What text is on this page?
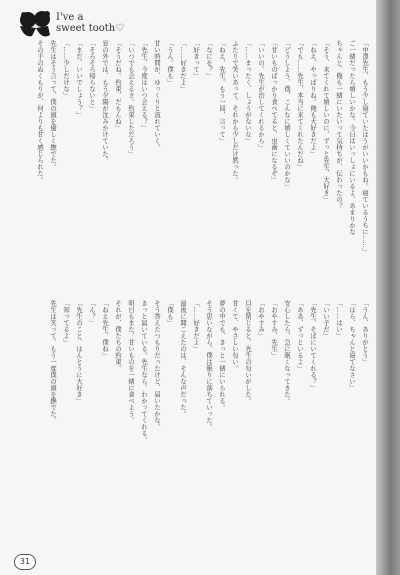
I've a
sweet tooth♡
「中澤先生、もう少し寝ていたほうがいいかもね。寝ているうちに……」
ご一緒だったら嬉しいかな。今日はいっしょにいるよ。あまりかな
ちゃんと、俺も一緒にいたいって気持ちが、伝わったの？
「そう、来てくれて嬉しいのに、ずっと先生、大好き」
「ねえ、やっぱりね。俺も大好きだよ」
「でも……先生、本当に来てくれたんだね」
「どうしよう、僕、こんなに嬉しくていいのかな」
「甘いものばっかり食べてると、虫歯になるぞ」
「いいの。先生が治してくれるから」
「……まったく、しょうがないな」
ふたりで笑いあって、それから少しだけ黙った。
「ねえ、先生。もう一回、言って」
「なにを？」
「好きって」
「……好きだよ」
「うん。僕も」
甘い時間が、ゆっくりと流れていく。
「先生、今度はいつ会える？」
「いつでも会えるさ。約束しただろう」
「そうだね。約束、だもんね」
窓の外では、もう夕陽が沈みかけていた。
「そろそろ帰らないと」
「まだ、いいでしょう？」
「……少しだけな」
先生はそう言って、僕の頭を優しく撫でた。
その手のぬくもりが、何よりも甘く感じられた。
「うん、ありがとう」
「ほら、ちゃんと寝てなさい」
「……はい」
「いい子だ」
「先生、そばにいてくれる？」
「ああ、ずっといるよ」
安心したら、急に眠くなってきた。
「おやすみ、先生」
「おやすみ」
目を閉じると、先生の匂いがした。
甘くて、やさしい匂い。
夢の中でも、きっと一緒にいられる。
そう思いながら、僕は眠りに落ちていった。
「……好きだよ」
最後に聞こえたのは、そんな声だった。
「僕も」
そう答えたつもりだったけど、届いたかな。
きっと届いている。先生なら、わかってくれる。
明日もまた、甘いものを一緒に食べよう。
それが、僕たちの約束。
「ねえ先生、僕ね」
「ん？」
「先生のこと、ほんとうに大好き」
「知ってるよ」
先生は笑って、もう一度僕の頭を撫でた。
31
